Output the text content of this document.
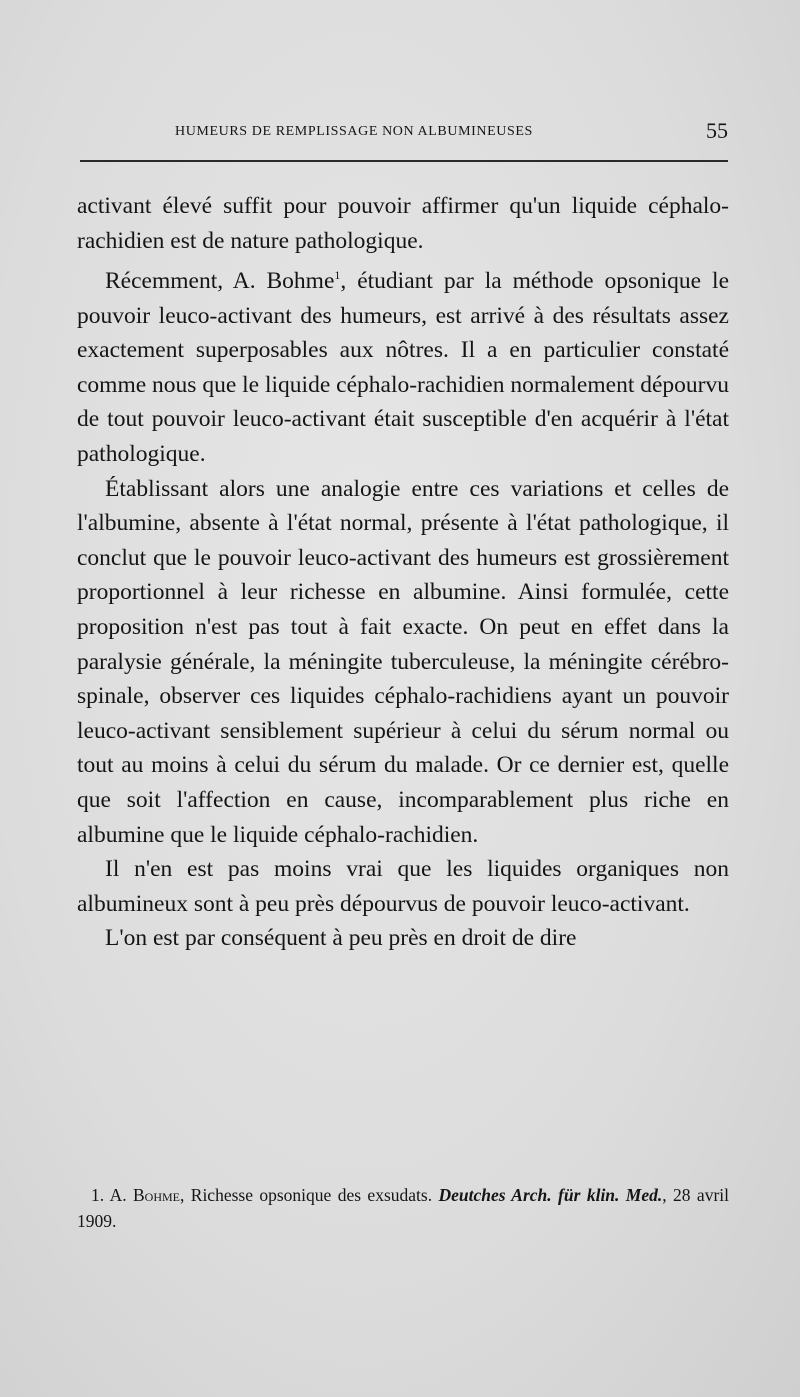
HUMEURS DE REMPLISSAGE NON ALBUMINEUSES	55

activant élevé suffit pour pouvoir affirmer qu'un liquide céphalo-rachidien est de nature pathologique.

Récemment, A. Bohme$^1$, étudiant par la méthode opsonique le pouvoir leuco-activant des humeurs, est arrivé à des résultats assez exactement superposables aux nôtres. Il a en particulier constaté comme nous que le liquide céphalo-rachidien normalement dépourvu de tout pouvoir leuco-activant était susceptible d'en acquérir à l'état pathologique.

Établissant alors une analogie entre ces variations et celles de l'albumine, absente à l'état normal, présente à l'état pathologique, il conclut que le pouvoir leuco-activant des humeurs est grossièrement proportionnel à leur richesse en albumine. Ainsi formulée, cette proposition n'est pas tout à fait exacte. On peut en effet dans la paralysie générale, la méningite tuberculeuse, la méningite cérébro-spinale, observer ces liquides céphalo-rachidiens ayant un pouvoir leuco-activant sensiblement supérieur à celui du sérum normal ou tout au moins à celui du sérum du malade. Or ce dernier est, quelle que soit l'affection en cause, incomparablement plus riche en albumine que le liquide céphalo-rachidien.

Il n'en est pas moins vrai que les liquides organiques non albumineux sont à peu près dépourvus de pouvoir leuco-activant.

L'on est par conséquent à peu près en droit de dire

1. A. Bohme, Richesse opsonique des exsudats. Deutches Arch. für klin. Med., 28 avril 1909.
